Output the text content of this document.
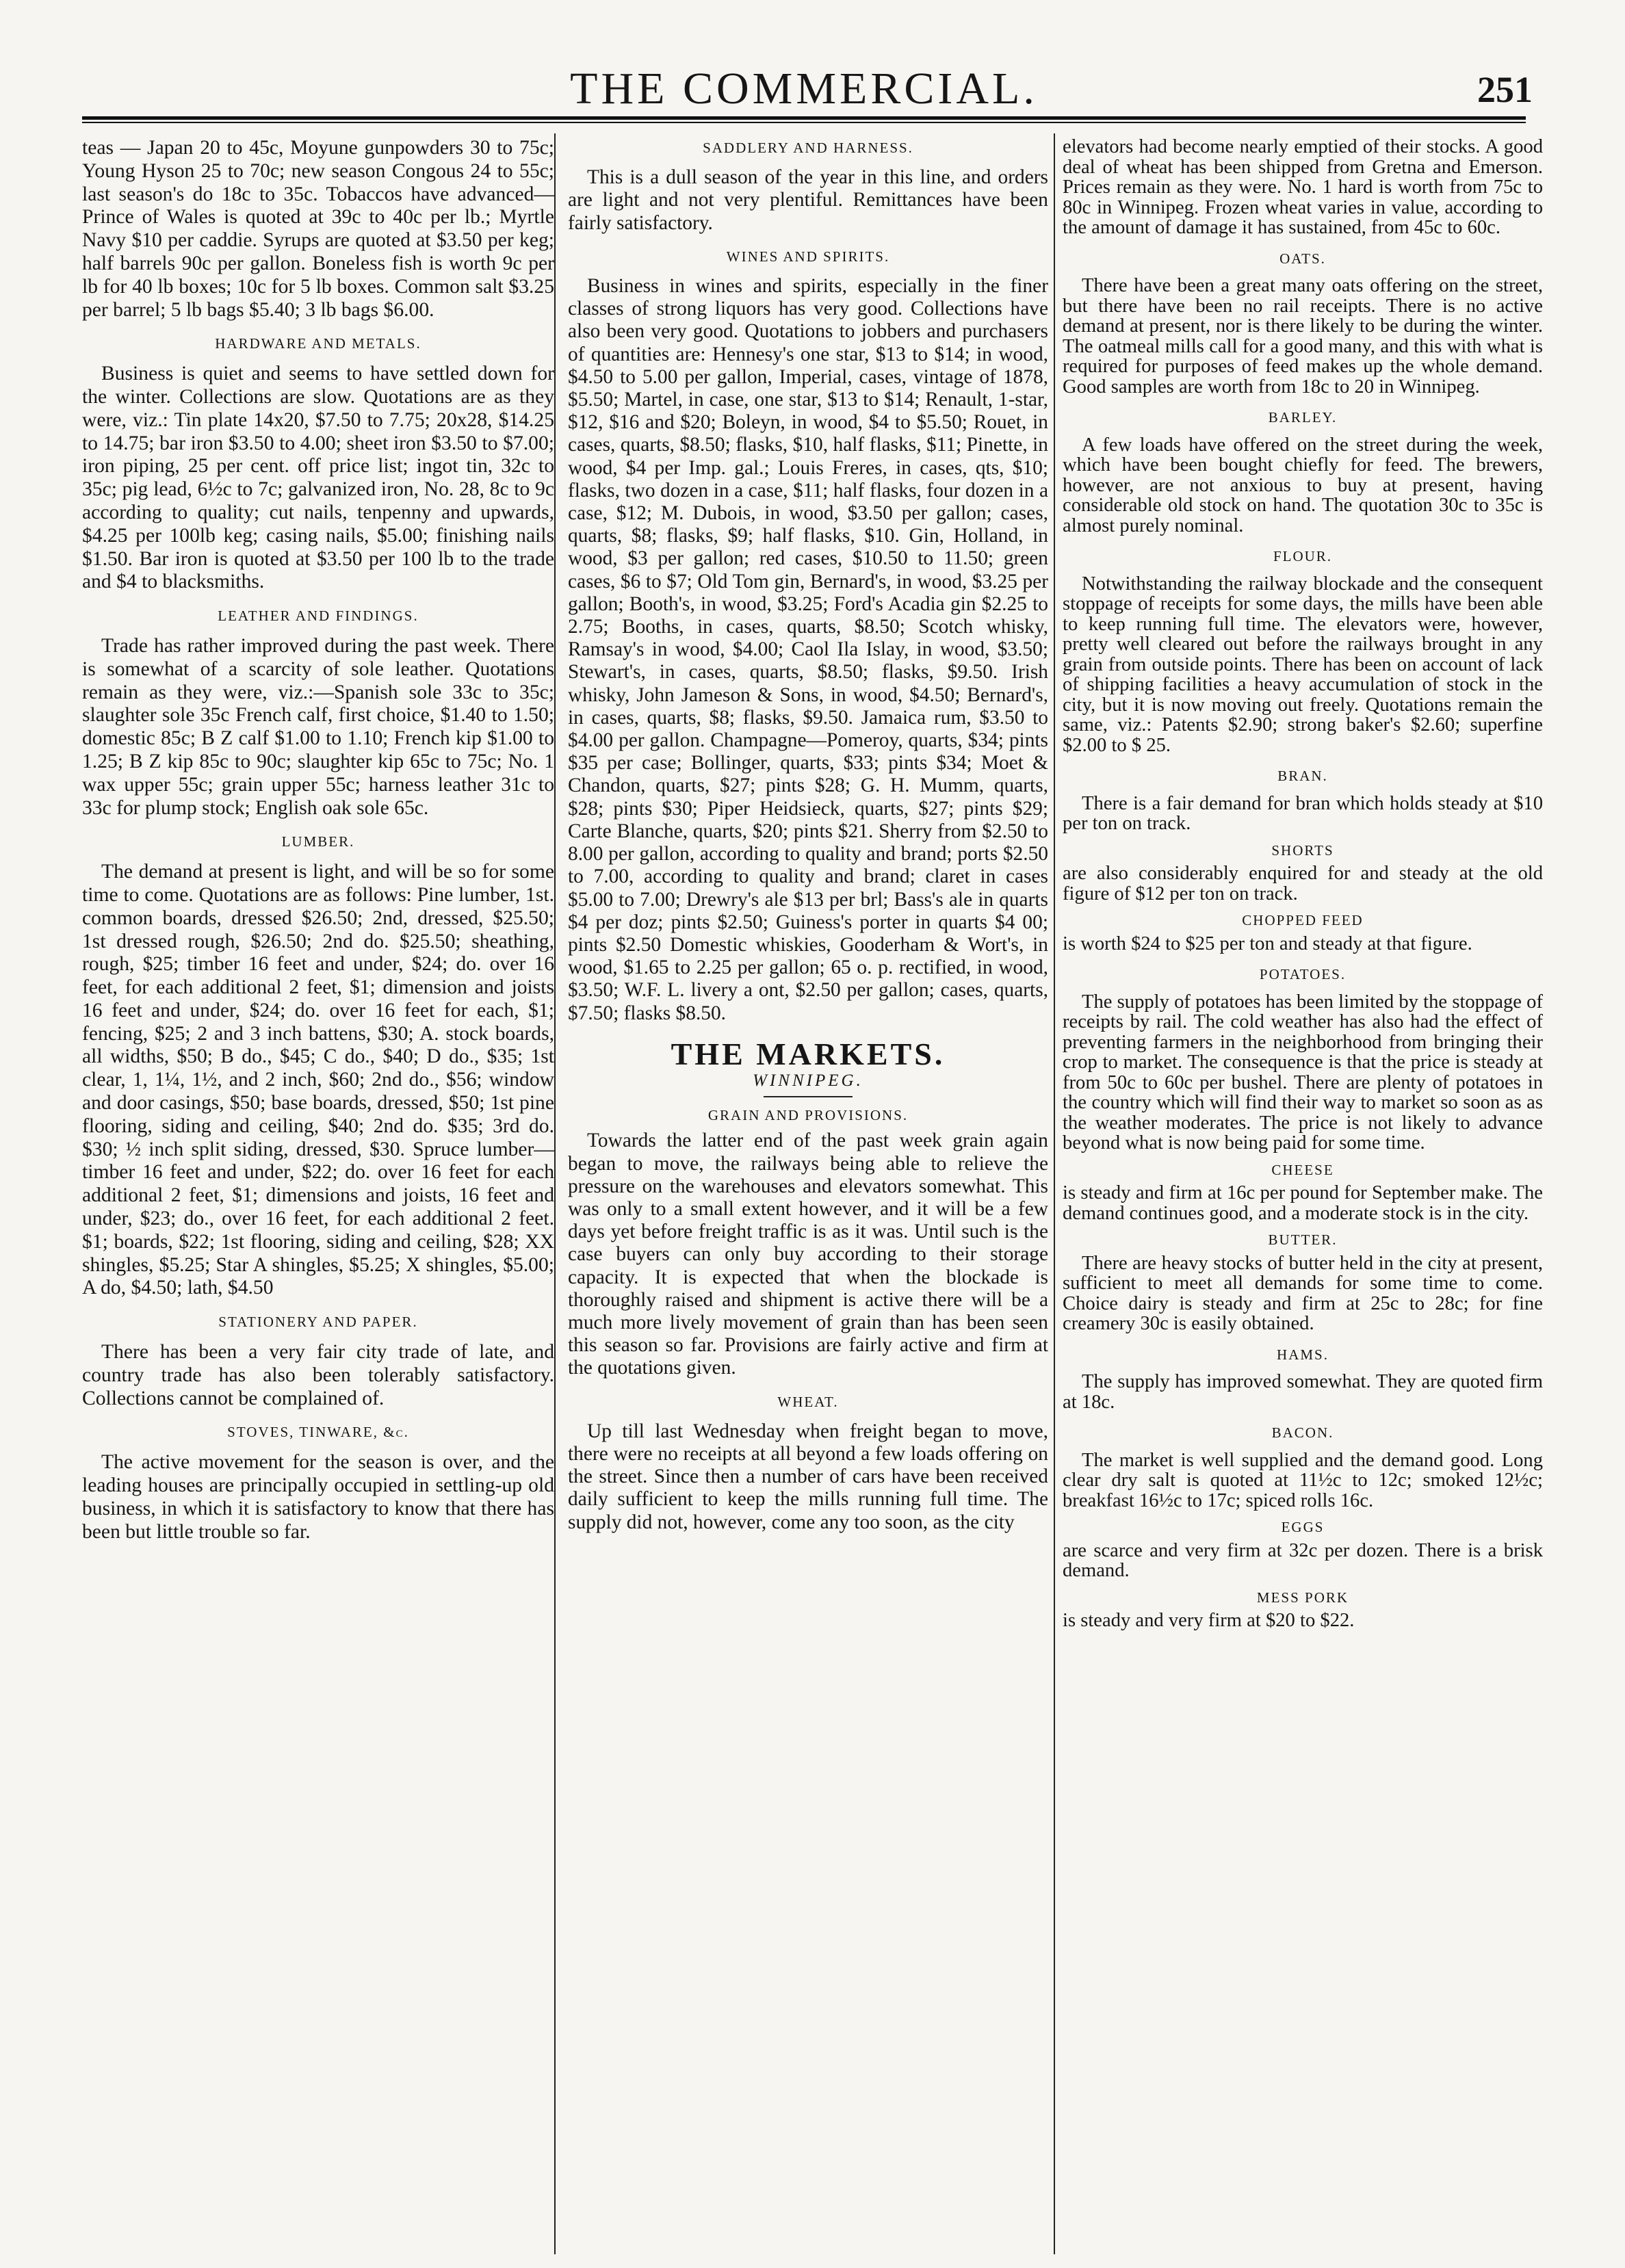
THE COMMERCIAL.	251

teas — Japan 20 to 45c, Moyune gunpowders 30 to 75c; Young Hyson 25 to 70c; new season Congous 24 to 55c; last season's do 18c to 35c. Tobaccos have advanced—Prince of Wales is quoted at 39c to 40c per lb.; Myrtle Navy $10 per caddie. Syrups are quoted at $3.50 per keg; half barrels 90c per gallon. Boneless fish is worth 9c per lb for 40 lb boxes; 10c for 5 lb boxes. Common salt $3.25 per barrel; 5 lb bags $5.40; 3 lb bags $6.00.

HARDWARE AND METALS.

Business is quiet and seems to have settled down for the winter. Collections are slow. Quotations are as they were, viz.: Tin plate 14x20, $7.50 to 7.75; 20x28, $14.25 to 14.75; bar iron $3.50 to 4.00; sheet iron $3.50 to $7.00; iron piping, 25 per cent. off price list; ingot tin, 32c to 35c; pig lead, 6½c to 7c; galvanized iron, No. 28, 8c to 9c according to quality; cut nails, tenpenny and upwards, $4.25 per 100lb keg; casing nails, $5.00; finishing nails $1.50. Bar iron is quoted at $3.50 per 100 lb to the trade and $4 to blacksmiths.

LEATHER AND FINDINGS.

Trade has rather improved during the past week. There is somewhat of a scarcity of sole leather. Quotations remain as they were, viz.:—Spanish sole 33c to 35c; slaughter sole 35c French calf, first choice, $1.40 to 1.50; domestic 85c; B Z calf $1.00 to 1.10; French kip $1.00 to 1.25; B Z kip 85c to 90c; slaughter kip 65c to 75c; No. 1 wax upper 55c; grain upper 55c; harness leather 31c to 33c for plump stock; English oak sole 65c.

LUMBER.

The demand at present is light, and will be so for some time to come. Quotations are as follows: Pine lumber, 1st. common boards, dressed $26.50; 2nd, dressed, $25.50; 1st dressed rough, $26.50; 2nd do. $25.50; sheathing, rough, $25; timber 16 feet and under, $24; do. over 16 feet, for each additional 2 feet, $1; dimension and joists 16 feet and under, $24; do. over 16 feet for each, $1; fencing, $25; 2 and 3 inch battens, $30; A. stock boards, all widths, $50; B do., $45; C do., $40; D do., $35; 1st clear, 1, 1¼, 1½, and 2 inch, $60; 2nd do., $56; window and door casings, $50; base boards, dressed, $50; 1st pine flooring, siding and ceiling, $40; 2nd do. $35; 3rd do. $30; ½ inch split siding, dressed, $30. Spruce lumber—timber 16 feet and under, $22; do. over 16 feet for each additional 2 feet, $1; dimensions and joists, 16 feet and under, $23; do., over 16 feet, for each additional 2 feet. $1; boards, $22; 1st flooring, siding and ceiling, $28; XX shingles, $5.25; Star A shingles, $5.25; X shingles, $5.00; A do, $4.50; lath, $4.50

STATIONERY AND PAPER.

There has been a very fair city trade of late, and country trade has also been tolerably satisfactory. Collections cannot be complained of.

STOVES, TINWARE, &c.

The active movement for the season is over, and the leading houses are principally occupied in settling-up old business, in which it is satisfactory to know that there has been but little trouble so far.

SADDLERY AND HARNESS.

This is a dull season of the year in this line, and orders are light and not very plentiful. Remittances have been fairly satisfactory.

WINES AND SPIRITS.

Business in wines and spirits, especially in the finer classes of strong liquors has very good. Collections have also been very good. Quotations to jobbers and purchasers of quantities are: Hennesy's one star, $13 to $14; in wood, $4.50 to 5.00 per gallon, Imperial, cases, vintage of 1878, $5.50; Martel, in case, one star, $13 to $14; Renault, 1-star, $12, $16 and $20; Boleyn, in wood, $4 to $5.50; Rouet, in cases, quarts, $8.50; flasks, $10, half flasks, $11; Pinette, in wood, $4 per Imp. gal.; Louis Freres, in cases, qts, $10; flasks, two dozen in a case, $11; half flasks, four dozen in a case, $12; M. Dubois, in wood, $3.50 per gallon; cases, quarts, $8; flasks, $9; half flasks, $10. Gin, Holland, in wood, $3 per gallon; red cases, $10.50 to 11.50; green cases, $6 to $7; Old Tom gin, Bernard's, in wood, $3.25 per gallon; Booth's, in wood, $3.25; Ford's Acadia gin $2.25 to 2.75; Booths, in cases, quarts, $8.50; Scotch whisky, Ramsay's in wood, $4.00; Caol Ila Islay, in wood, $3.50; Stewart's, in cases, quarts, $8.50; flasks, $9.50. Irish whisky, John Jameson & Sons, in wood, $4.50; Bernard's, in cases, quarts, $8; flasks, $9.50. Jamaica rum, $3.50 to $4.00 per gallon. Champagne—Pomeroy, quarts, $34; pints $35 per case; Bollinger, quarts, $33; pints $34; Moet & Chandon, quarts, $27; pints $28; G. H. Mumm, quarts, $28; pints $30; Piper Heidsieck, quarts, $27; pints $29; Carte Blanche, quarts, $20; pints $21. Sherry from $2.50 to 8.00 per gallon, according to quality and brand; ports $2.50 to 7.00, according to quality and brand; claret in cases $5.00 to 7.00; Drewry's ale $13 per brl; Bass's ale in quarts $4 per doz; pints $2.50; Guiness's porter in quarts $4 00; pints $2.50 Domestic whiskies, Gooderham & Wort's, in wood, $1.65 to 2.25 per gallon; 65 o. p. rectified, in wood, $3.50; W.F. L. livery a ont, $2.50 per gallon; cases, quarts, $7.50; flasks $8.50.

THE MARKETS.
WINNIPEG.
GRAIN AND PROVISIONS.

Towards the latter end of the past week grain again began to move, the railways being able to relieve the pressure on the warehouses and elevators somewhat. This was only to a small extent however, and it will be a few days yet before freight traffic is as it was. Until such is the case buyers can only buy according to their storage capacity. It is expected that when the blockade is thoroughly raised and shipment is active there will be a much more lively movement of grain than has been seen this season so far. Provisions are fairly active and firm at the quotations given.

WHEAT.

Up till last Wednesday when freight began to move, there were no receipts at all beyond a few loads offering on the street. Since then a number of cars have been received daily sufficient to keep the mills running full time. The supply did not, however, come any too soon, as the city

elevators had become nearly emptied of their stocks. A good deal of wheat has been shipped from Gretna and Emerson. Prices remain as they were. No. 1 hard is worth from 75c to 80c in Winnipeg. Frozen wheat varies in value, according to the amount of damage it has sustained, from 45c to 60c.

OATS.

There have been a great many oats offering on the street, but there have been no rail receipts. There is no active demand at present, nor is there likely to be during the winter. The oatmeal mills call for a good many, and this with what is required for purposes of feed makes up the whole demand. Good samples are worth from 18c to 20 in Winnipeg.

BARLEY.

A few loads have offered on the street during the week, which have been bought chiefly for feed. The brewers, however, are not anxious to buy at present, having considerable old stock on hand. The quotation 30c to 35c is almost purely nominal.

FLOUR.

Notwithstanding the railway blockade and the consequent stoppage of receipts for some days, the mills have been able to keep running full time. The elevators were, however, pretty well cleared out before the railways brought in any grain from outside points. There has been on account of lack of shipping facilities a heavy accumulation of stock in the city, but it is now moving out freely. Quotations remain the same, viz.: Patents $2.90; strong baker's $2.60; superfine $2.00 to $ 25.

BRAN.

There is a fair demand for bran which holds steady at $10 per ton on track.

SHORTS

are also considerably enquired for and steady at the old figure of $12 per ton on track.

CHOPPED FEED

is worth $24 to $25 per ton and steady at that figure.

POTATOES.

The supply of potatoes has been limited by the stoppage of receipts by rail. The cold weather has also had the effect of preventing farmers in the neighborhood from bringing their crop to market. The consequence is that the price is steady at from 50c to 60c per bushel. There are plenty of potatoes in the country which will find their way to market so soon as as the weather moderates. The price is not likely to advance beyond what is now being paid for some time.

CHEESE

is steady and firm at 16c per pound for September make. The demand continues good, and a moderate stock is in the city.

BUTTER.

There are heavy stocks of butter held in the city at present, sufficient to meet all demands for some time to come. Choice dairy is steady and firm at 25c to 28c; for fine creamery 30c is easily obtained.

HAMS.

The supply has improved somewhat. They are quoted firm at 18c.

BACON.

The market is well supplied and the demand good. Long clear dry salt is quoted at 11½c to 12c; smoked 12½c; breakfast 16½c to 17c; spiced rolls 16c.

EGGS

are scarce and very firm at 32c per dozen. There is a brisk demand.

MESS PORK

is steady and very firm at $20 to $22.
